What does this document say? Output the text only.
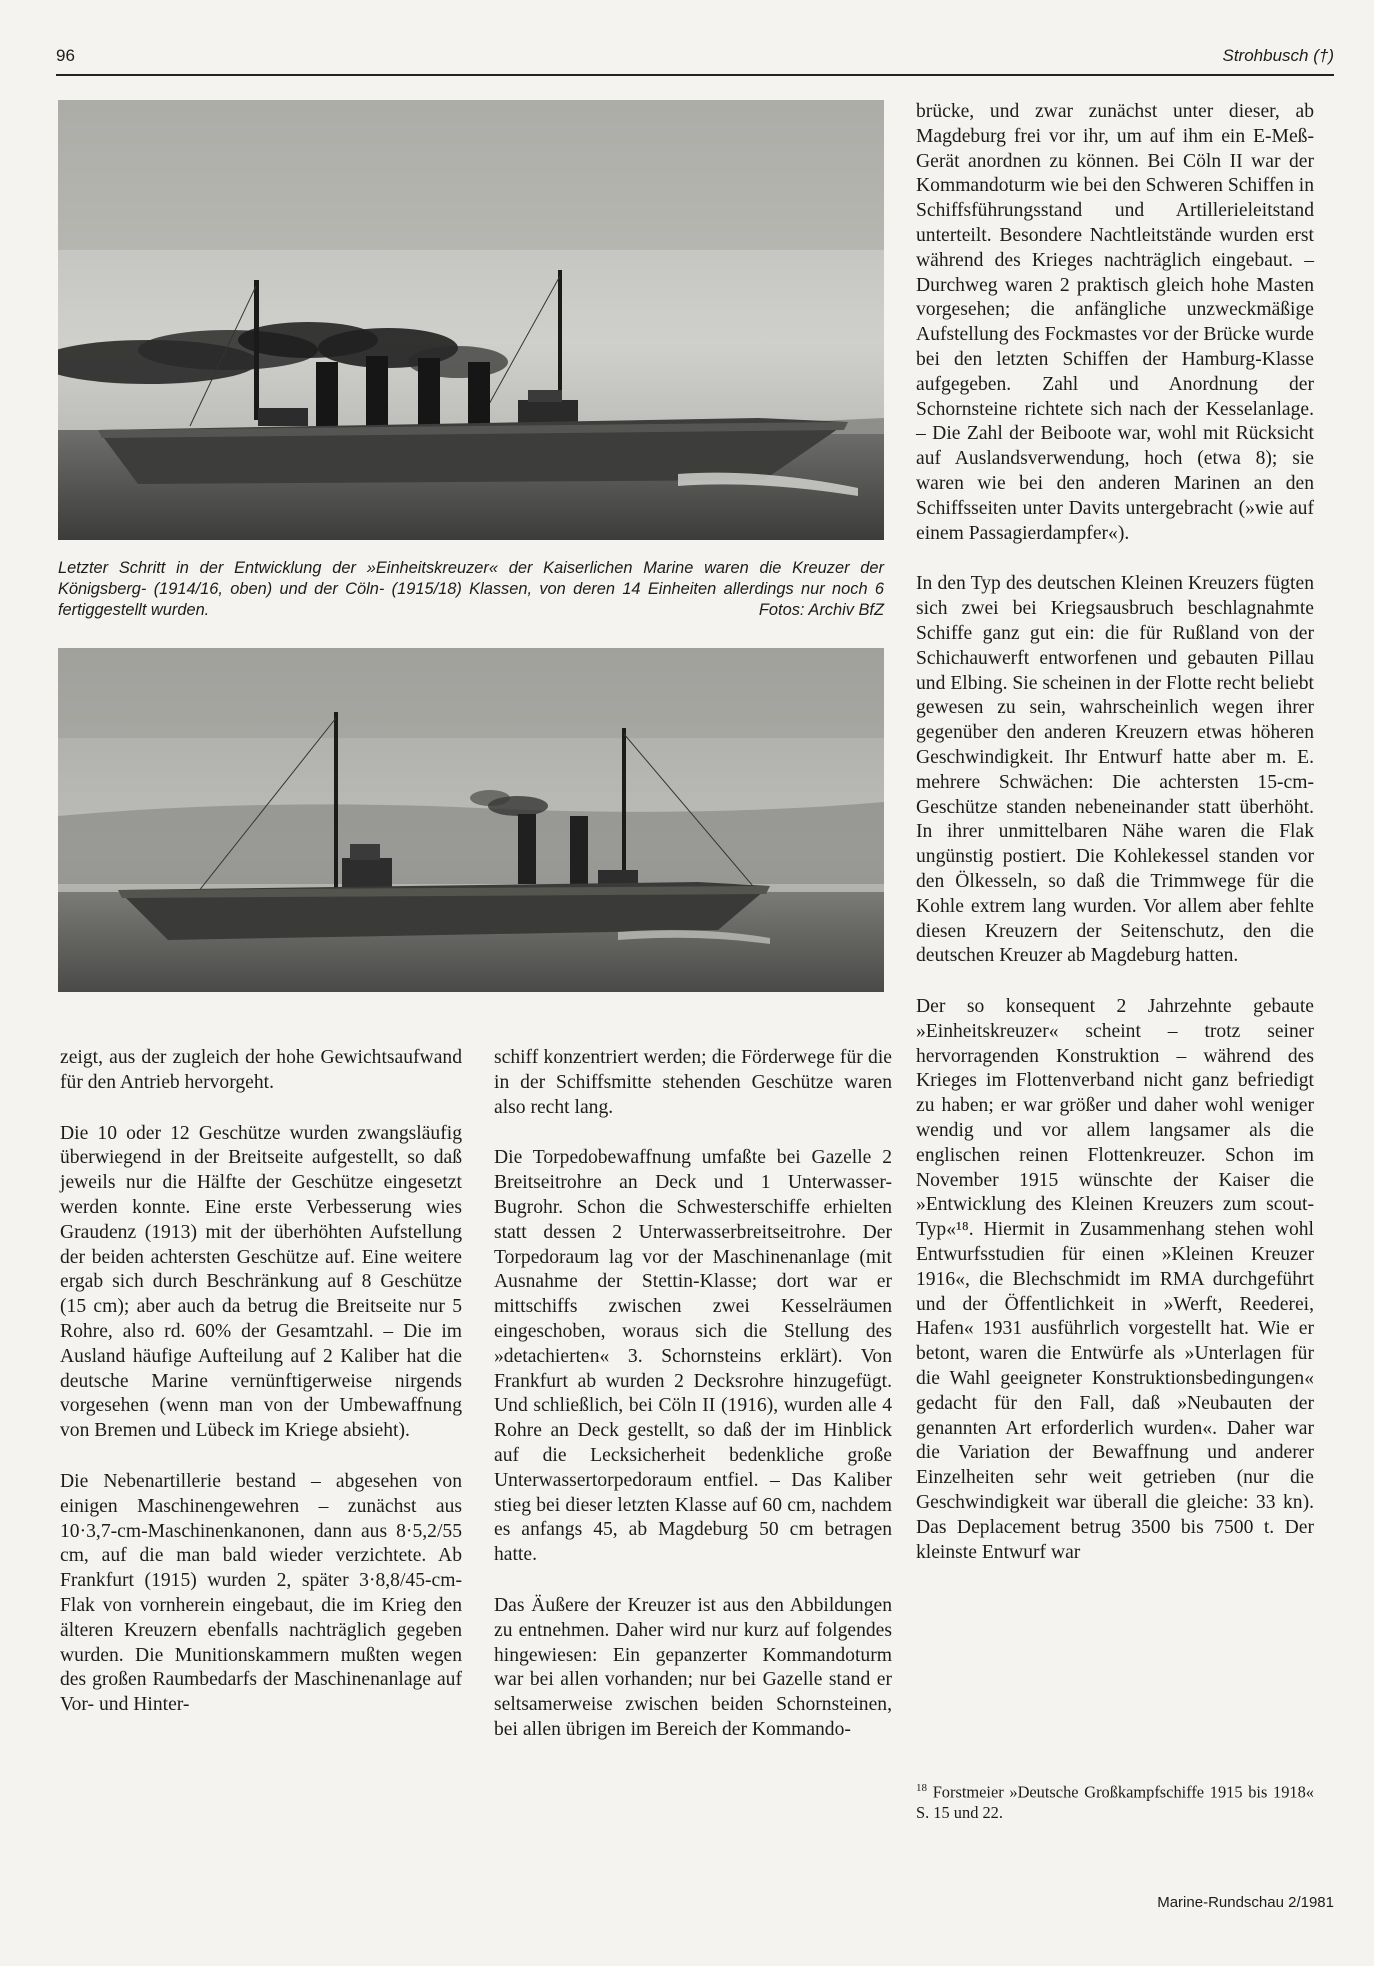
96	Strohbusch (†)
Letzter Schritt in der Entwicklung der »Einheitskreuzer« der Kaiserlichen Marine waren die Kreuzer der Königsberg- (1914/16, oben) und der Cöln- (1915/18) Klassen, von deren 14 Einheiten allerdings nur noch 6 fertiggestellt wurden.	Fotos: Archiv BfZ

zeigt, aus der zugleich der hohe Gewichtsaufwand für den Antrieb hervorgeht.

Die 10 oder 12 Geschütze wurden zwangsläufig überwiegend in der Breitseite aufgestellt, so daß jeweils nur die Hälfte der Geschütze eingesetzt werden konnte. Eine erste Verbesserung wies Graudenz (1913) mit der überhöhten Aufstellung der beiden achtersten Geschütze auf. Eine weitere ergab sich durch Beschränkung auf 8 Geschütze (15 cm); aber auch da betrug die Breitseite nur 5 Rohre, also rd. 60% der Gesamtzahl. – Die im Ausland häufige Aufteilung auf 2 Kaliber hat die deutsche Marine vernünftigerweise nirgends vorgesehen (wenn man von der Umbewaffnung von Bremen und Lübeck im Kriege absieht).

Die Nebenartillerie bestand – abgesehen von einigen Maschinengewehren – zunächst aus 10·3,7-cm-Maschinenkanonen, dann aus 8·5,2/55 cm, auf die man bald wieder verzichtete. Ab Frankfurt (1915) wurden 2, später 3·8,8/45-cm-Flak von vornherein eingebaut, die im Krieg den älteren Kreuzern ebenfalls nachträglich gegeben wurden. Die Munitionskammern mußten wegen des großen Raumbedarfs der Maschinenanlage auf Vor- und Hinter-

schiff konzentriert werden; die Förderwege für die in der Schiffsmitte stehenden Geschütze waren also recht lang.

Die Torpedobewaffnung umfaßte bei Gazelle 2 Breitseitrohre an Deck und 1 Unterwasser-Bugrohr. Schon die Schwesterschiffe erhielten statt dessen 2 Unterwasserbreitseitrohre. Der Torpedoraum lag vor der Maschinenanlage (mit Ausnahme der Stettin-Klasse; dort war er mittschiffs zwischen zwei Kesselräumen eingeschoben, woraus sich die Stellung des »detachierten« 3. Schornsteins erklärt). Von Frankfurt ab wurden 2 Decksrohre hinzugefügt. Und schließlich, bei Cöln II (1916), wurden alle 4 Rohre an Deck gestellt, so daß der im Hinblick auf die Lecksicherheit bedenkliche große Unterwassertorpedoraum entfiel. – Das Kaliber stieg bei dieser letzten Klasse auf 60 cm, nachdem es anfangs 45, ab Magdeburg 50 cm betragen hatte.

Das Äußere der Kreuzer ist aus den Abbildungen zu entnehmen. Daher wird nur kurz auf folgendes hingewiesen: Ein gepanzerter Kommandoturm war bei allen vorhanden; nur bei Gazelle stand er seltsamerweise zwischen beiden Schornsteinen, bei allen übrigen im Bereich der Kommando-

brücke, und zwar zunächst unter dieser, ab Magdeburg frei vor ihr, um auf ihm ein E-Meß-Gerät anordnen zu können. Bei Cöln II war der Kommandoturm wie bei den Schweren Schiffen in Schiffsführungsstand und Artillerieleitstand unterteilt. Besondere Nachtleitstände wurden erst während des Krieges nachträglich eingebaut. – Durchweg waren 2 praktisch gleich hohe Masten vorgesehen; die anfängliche unzweckmäßige Aufstellung des Fockmastes vor der Brücke wurde bei den letzten Schiffen der Hamburg-Klasse aufgegeben. Zahl und Anordnung der Schornsteine richtete sich nach der Kesselanlage. – Die Zahl der Beiboote war, wohl mit Rücksicht auf Auslandsverwendung, hoch (etwa 8); sie waren wie bei den anderen Marinen an den Schiffsseiten unter Davits untergebracht (»wie auf einem Passagierdampfer«).

In den Typ des deutschen Kleinen Kreuzers fügten sich zwei bei Kriegsausbruch beschlagnahmte Schiffe ganz gut ein: die für Rußland von der Schichauwerft entworfenen und gebauten Pillau und Elbing. Sie scheinen in der Flotte recht beliebt gewesen zu sein, wahrscheinlich wegen ihrer gegenüber den anderen Kreuzern etwas höheren Geschwindigkeit. Ihr Entwurf hatte aber m. E. mehrere Schwächen: Die achtersten 15-cm-Geschütze standen nebeneinander statt überhöht. In ihrer unmittelbaren Nähe waren die Flak ungünstig postiert. Die Kohlekessel standen vor den Ölkesseln, so daß die Trimmwege für die Kohle extrem lang wurden. Vor allem aber fehlte diesen Kreuzern der Seitenschutz, den die deutschen Kreuzer ab Magdeburg hatten.

Der so konsequent 2 Jahrzehnte gebaute »Einheitskreuzer« scheint – trotz seiner hervorragenden Konstruktion – während des Krieges im Flottenverband nicht ganz befriedigt zu haben; er war größer und daher wohl weniger wendig und vor allem langsamer als die englischen reinen Flottenkreuzer. Schon im November 1915 wünschte der Kaiser die »Entwicklung des Kleinen Kreuzers zum scout-Typ«¹⁸. Hiermit in Zusammenhang stehen wohl Entwurfsstudien für einen »Kleinen Kreuzer 1916«, die Blechschmidt im RMA durchgeführt und der Öffentlichkeit in »Werft, Reederei, Hafen« 1931 ausführlich vorgestellt hat. Wie er betont, waren die Entwürfe als »Unterlagen für die Wahl geeigneter Konstruktionsbedingungen« gedacht für den Fall, daß »Neubauten der genannten Art erforderlich wurden«. Daher war die Variation der Bewaffnung und anderer Einzelheiten sehr weit getrieben (nur die Geschwindigkeit war überall die gleiche: 33 kn). Das Deplacement betrug 3500 bis 7500 t. Der kleinste Entwurf war

$^{18}$ Forstmeier »Deutsche Großkampfschiffe 1915 bis 1918« S. 15 und 22.
Marine-Rundschau 2/1981
